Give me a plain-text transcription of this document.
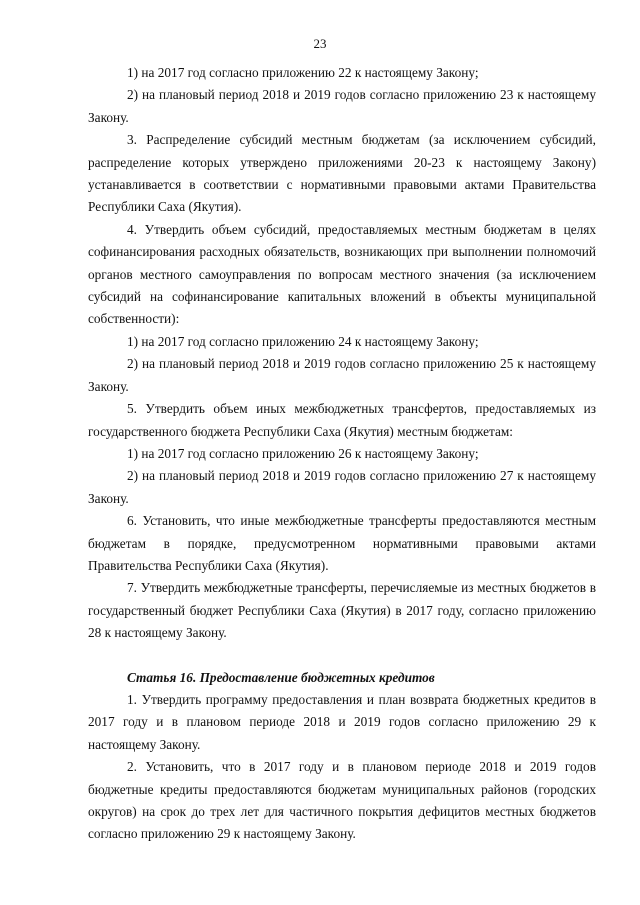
23

1) на 2017 год согласно приложению 22 к настоящему Закону;

2) на плановый период 2018 и 2019 годов согласно приложению 23 к настоящему Закону.

3. Распределение субсидий местным бюджетам (за исключением субсидий, распределение которых утверждено приложениями 20-23 к настоящему Закону) устанавливается в соответствии с нормативными правовыми актами Правительства Республики Саха (Якутия).

4. Утвердить объем субсидий, предоставляемых местным бюджетам в целях софинансирования расходных обязательств, возникающих при выполнении полномочий органов местного самоуправления по вопросам местного значения (за исключением субсидий на софинансирование капитальных вложений в объекты муниципальной собственности):

1) на 2017 год согласно приложению 24 к настоящему Закону;

2) на плановый период 2018 и 2019 годов согласно приложению 25 к настоящему Закону.

5. Утвердить объем иных межбюджетных трансфертов, предоставляемых из государственного бюджета Республики Саха (Якутия) местным бюджетам:

1) на 2017 год согласно приложению 26 к настоящему Закону;

2) на плановый период 2018 и 2019 годов согласно приложению 27 к настоящему Закону.

6. Установить, что иные межбюджетные трансферты предоставляются местным бюджетам в порядке, предусмотренном нормативными правовыми актами Правительства Республики Саха (Якутия).

7. Утвердить межбюджетные трансферты, перечисляемые из местных бюджетов в государственный бюджет Республики Саха (Якутия) в 2017 году, согласно приложению 28 к настоящему Закону.

Статья 16. Предоставление бюджетных кредитов

1. Утвердить программу предоставления и план возврата бюджетных кредитов в 2017 году и в плановом периоде 2018 и 2019 годов согласно приложению 29 к настоящему Закону.

2. Установить, что в 2017 году и в плановом периоде 2018 и 2019 годов бюджетные кредиты предоставляются бюджетам муниципальных районов (городских округов) на срок до трех лет для частичного покрытия дефицитов местных бюджетов согласно приложению 29 к настоящему Закону.
